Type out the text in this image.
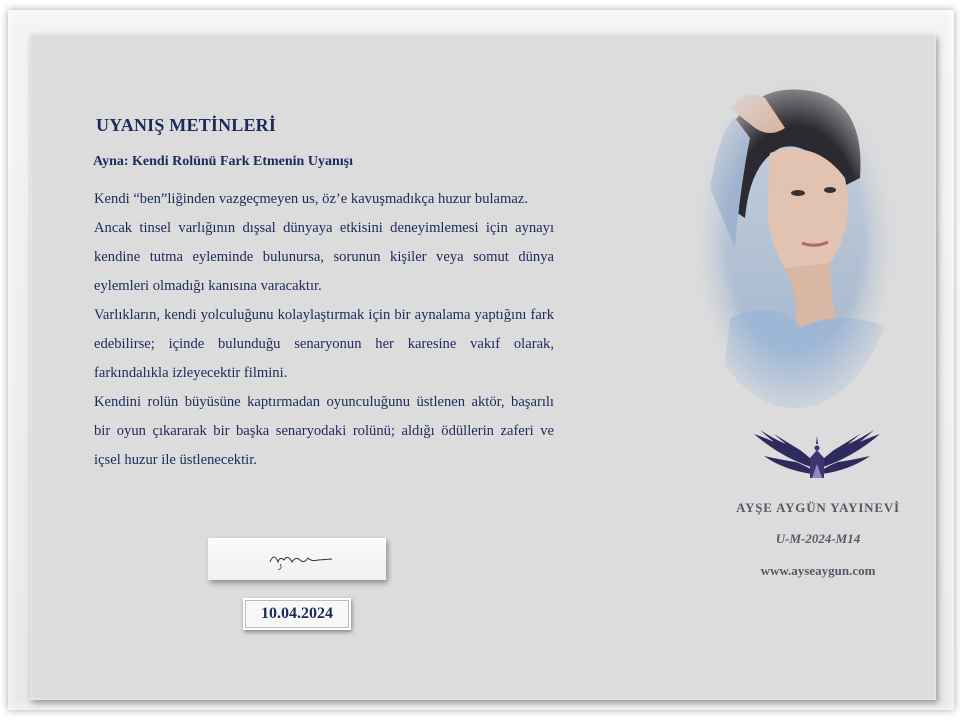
UYANIŞ METİNLERİ
Ayna: Kendi Rolünü Fark Etmenin Uyanışı

Kendi “ben”liğinden vazgeçmeyen us, öz’e kavuşmadıkça huzur bulamaz.

Ancak tinsel varlığının dışsal dünyaya etkisini deneyimlemesi için aynayı kendine tutma eyleminde bulunursa, sorunun kişiler veya somut dünya eylemleri olmadığı kanısına varacaktır.

Varlıkların, kendi yolculuğunu kolaylaştırmak için bir aynalama yaptığını fark edebilirse; içinde bulunduğu senaryonun her karesine vakıf olarak, farkındalıkla izleyecektir filmini.

Kendini rolün büyüsüne kaptırmadan oyunculuğunu üstlenen aktör, başarılı bir oyun çıkararak bir başka senaryodaki rolünü; aldığı ödüllerin zaferi ve içsel huzur ile üstlenecektir.

AYŞE AYGÜN YAYINEVİ
U-M-2024-M14
www.ayseaygun.com
10.04.2024
